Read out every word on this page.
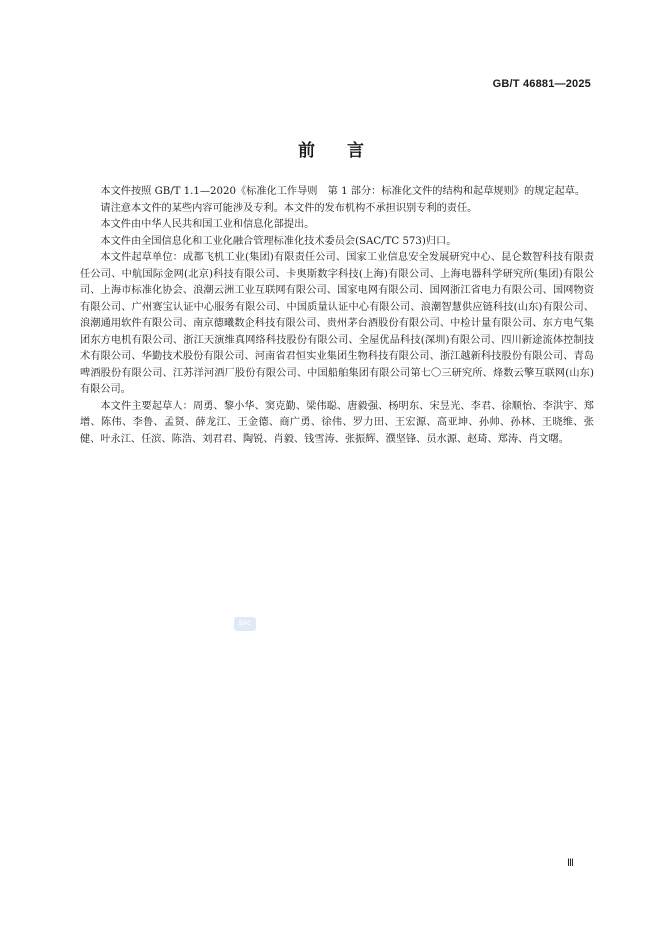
GB/T 46881—2025
前言

本文件按照 GB/T 1.1—2020《标准化工作导则　第 1 部分：标准化文件的结构和起草规则》的规定起草。

请注意本文件的某些内容可能涉及专利。本文件的发布机构不承担识别专利的责任。

本文件由中华人民共和国工业和信息化部提出。

本文件由全国信息化和工业化融合管理标准化技术委员会(SAC/TC 573)归口。

本文件起草单位：成都飞机工业(集团)有限责任公司、国家工业信息安全发展研究中心、昆仑数智科技有限责任公司、中航国际金网(北京)科技有限公司、卡奥斯数字科技(上海)有限公司、上海电器科学研究所(集团)有限公司、上海市标准化协会、浪潮云洲工业互联网有限公司、国家电网有限公司、国网浙江省电力有限公司、国网物资有限公司、广州赛宝认证中心服务有限公司、中国质量认证中心有限公司、浪潮智慧供应链科技(山东)有限公司、浪潮通用软件有限公司、南京德曦数企科技有限公司、贵州茅台酒股份有限公司、中检计量有限公司、东方电气集团东方电机有限公司、浙江天演维真网络科技股份有限公司、全屋优品科技(深圳)有限公司、四川新途流体控制技术有限公司、华勤技术股份有限公司、河南省君恒实业集团生物科技有限公司、浙江越新科技股份有限公司、青岛啤酒股份有限公司、江苏洋河酒厂股份有限公司、中国船舶集团有限公司第七〇三研究所、烽数云擎互联网(山东)有限公司。

本文件主要起草人：周勇、黎小华、窦克勤、梁伟聪、唐毅强、杨明东、宋昱光、李君、徐顺怡、李洪宇、郑增、陈伟、李鲁、孟贤、薛龙江、王金德、商广勇、徐伟、罗力田、王宏源、高亚坤、孙帅、孙林、王晓维、张健、叶永江、任滨、陈浩、刘君君、陶锐、肖毅、钱雪涛、张振辉、濮坚锋、员水源、赵琦、郑涛、肖文曙。

SAC
Ⅲ
